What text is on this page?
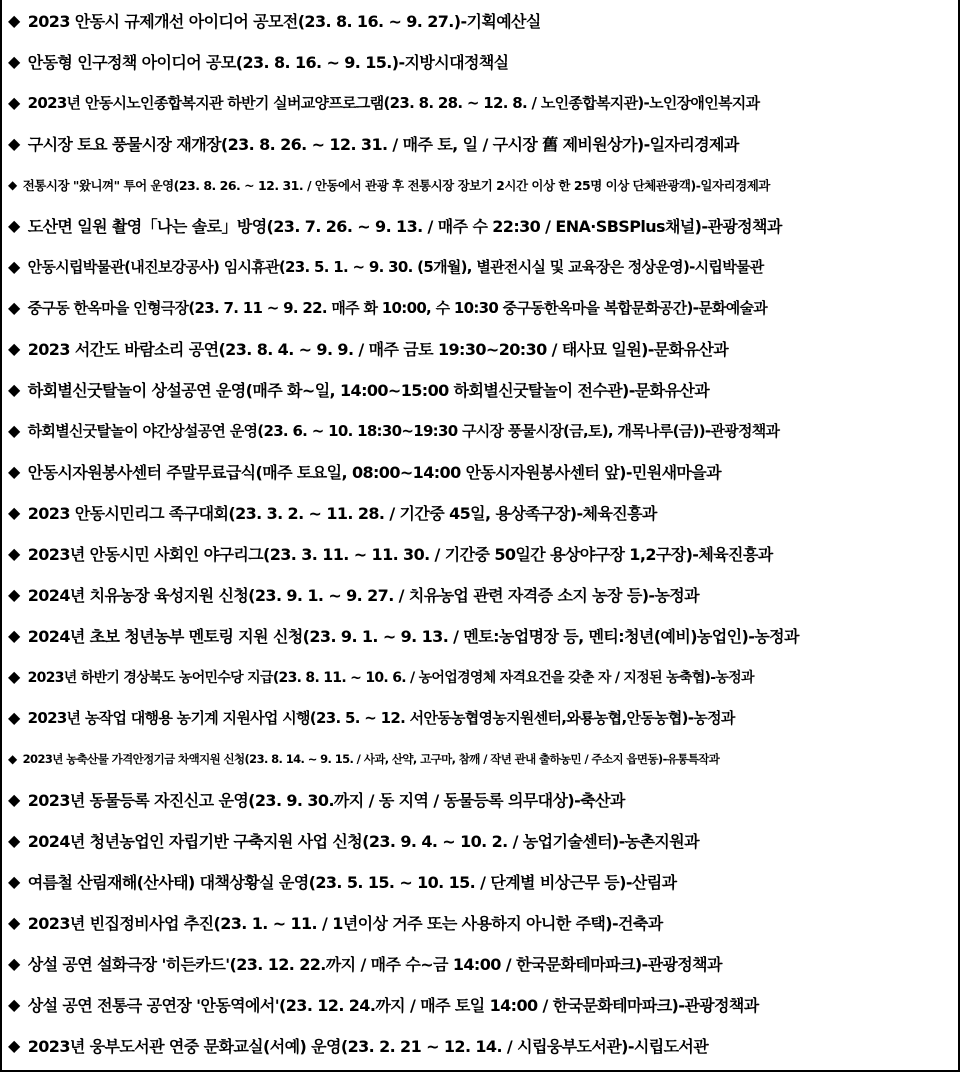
◆ 2023 안동시 규제개선 아이디어 공모전(23. 8. 16. ~ 9. 27.)-기획예산실
◆ 안동형 인구정책 아이디어 공모(23. 8. 16. ~ 9. 15.)-지방시대정책실
◆ 2023년 안동시노인종합복지관 하반기 실버교양프로그램(23. 8. 28. ~ 12. 8. / 노인종합복지관)-노인장애인복지과
◆ 구시장 토요 풍물시장 재개장(23. 8. 26. ~ 12. 31. / 매주 토, 일 / 구시장 舊 제비원상가)-일자리경제과
◆ 전통시장 "왔니껴" 투어 운영(23. 8. 26. ~ 12. 31. / 안동에서 관광 후 전통시장 장보기 2시간 이상 한 25명 이상 단체관광객)-일자리경제과
◆ 도산면 일원 촬영「나는 솔로」방영(23. 7. 26. ~ 9. 13. / 매주 수 22:30 / ENA·SBSPlus채널)-관광정책과
◆ 안동시립박물관(내진보강공사) 임시휴관(23. 5. 1. ~ 9. 30. (5개월), 별관전시실 및 교육장은 정상운영)-시립박물관
◆ 중구동 한옥마을 인형극장(23. 7. 11 ~ 9. 22. 매주 화 10:00, 수 10:30 중구동한옥마을 복합문화공간)-문화예술과
◆ 2023 서간도 바람소리 공연(23. 8. 4. ~ 9. 9. / 매주 금토 19:30~20:30 / 태사묘 일원)-문화유산과
◆ 하회별신굿탈놀이 상설공연 운영(매주 화~일, 14:00~15:00 하회별신굿탈놀이 전수관)-문화유산과
◆ 하회별신굿탈놀이 야간상설공연 운영(23. 6. ~ 10. 18:30~19:30 구시장 풍물시장(금,토), 개목나루(금))-관광정책과
◆ 안동시자원봉사센터 주말무료급식(매주 토요일, 08:00~14:00 안동시자원봉사센터 앞)-민원새마을과
◆ 2023 안동시민리그 족구대회(23. 3. 2. ~ 11. 28. / 기간중 45일, 용상족구장)-체육진흥과
◆ 2023년 안동시민 사회인 야구리그(23. 3. 11. ~ 11. 30. / 기간중 50일간 용상야구장 1,2구장)-체육진흥과
◆ 2024년 치유농장 육성지원 신청(23. 9. 1. ~ 9. 27. / 치유농업 관련 자격증 소지 농장 등)-농정과
◆ 2024년 초보 청년농부 멘토링 지원 신청(23. 9. 1. ~ 9. 13. / 멘토:농업명장 등, 멘티:청년(예비)농업인)-농정과
◆ 2023년 하반기 경상북도 농어민수당 지급(23. 8. 11. ~ 10. 6. / 농어업경영체 자격요건을 갖춘 자 / 지정된 농축협)-농정과
◆ 2023년 농작업 대행용 농기계 지원사업 시행(23. 5. ~ 12. 서안동농협영농지원센터,와룡농협,안동농협)-농정과
◆ 2023년 농축산물 가격안정기금 차액지원 신청(23. 8. 14. ~ 9. 15. / 사과, 산약, 고구마, 참깨 / 작년 관내 출하농민 / 주소지 읍면동)-유통특작과
◆ 2023년 동물등록 자진신고 운영(23. 9. 30.까지 / 동 지역 / 동물등록 의무대상)-축산과
◆ 2024년 청년농업인 자립기반 구축지원 사업 신청(23. 9. 4. ~ 10. 2. / 농업기술센터)-농촌지원과
◆ 여름철 산림재해(산사태) 대책상황실 운영(23. 5. 15. ~ 10. 15. / 단계별 비상근무 등)-산림과
◆ 2023년 빈집정비사업 추진(23. 1. ~ 11. / 1년이상 거주 또는 사용하지 아니한 주택)-건축과
◆ 상설 공연 설화극장 '히든카드'(23. 12. 22.까지 / 매주 수~금 14:00 / 한국문화테마파크)-관광정책과
◆ 상설 공연 전통극 공연장 '안동역에서'(23. 12. 24.까지 / 매주 토일 14:00 / 한국문화테마파크)-관광정책과
◆ 2023년 웅부도서관 연중 문화교실(서예) 운영(23. 2. 21 ~ 12. 14. / 시립웅부도서관)-시립도서관
